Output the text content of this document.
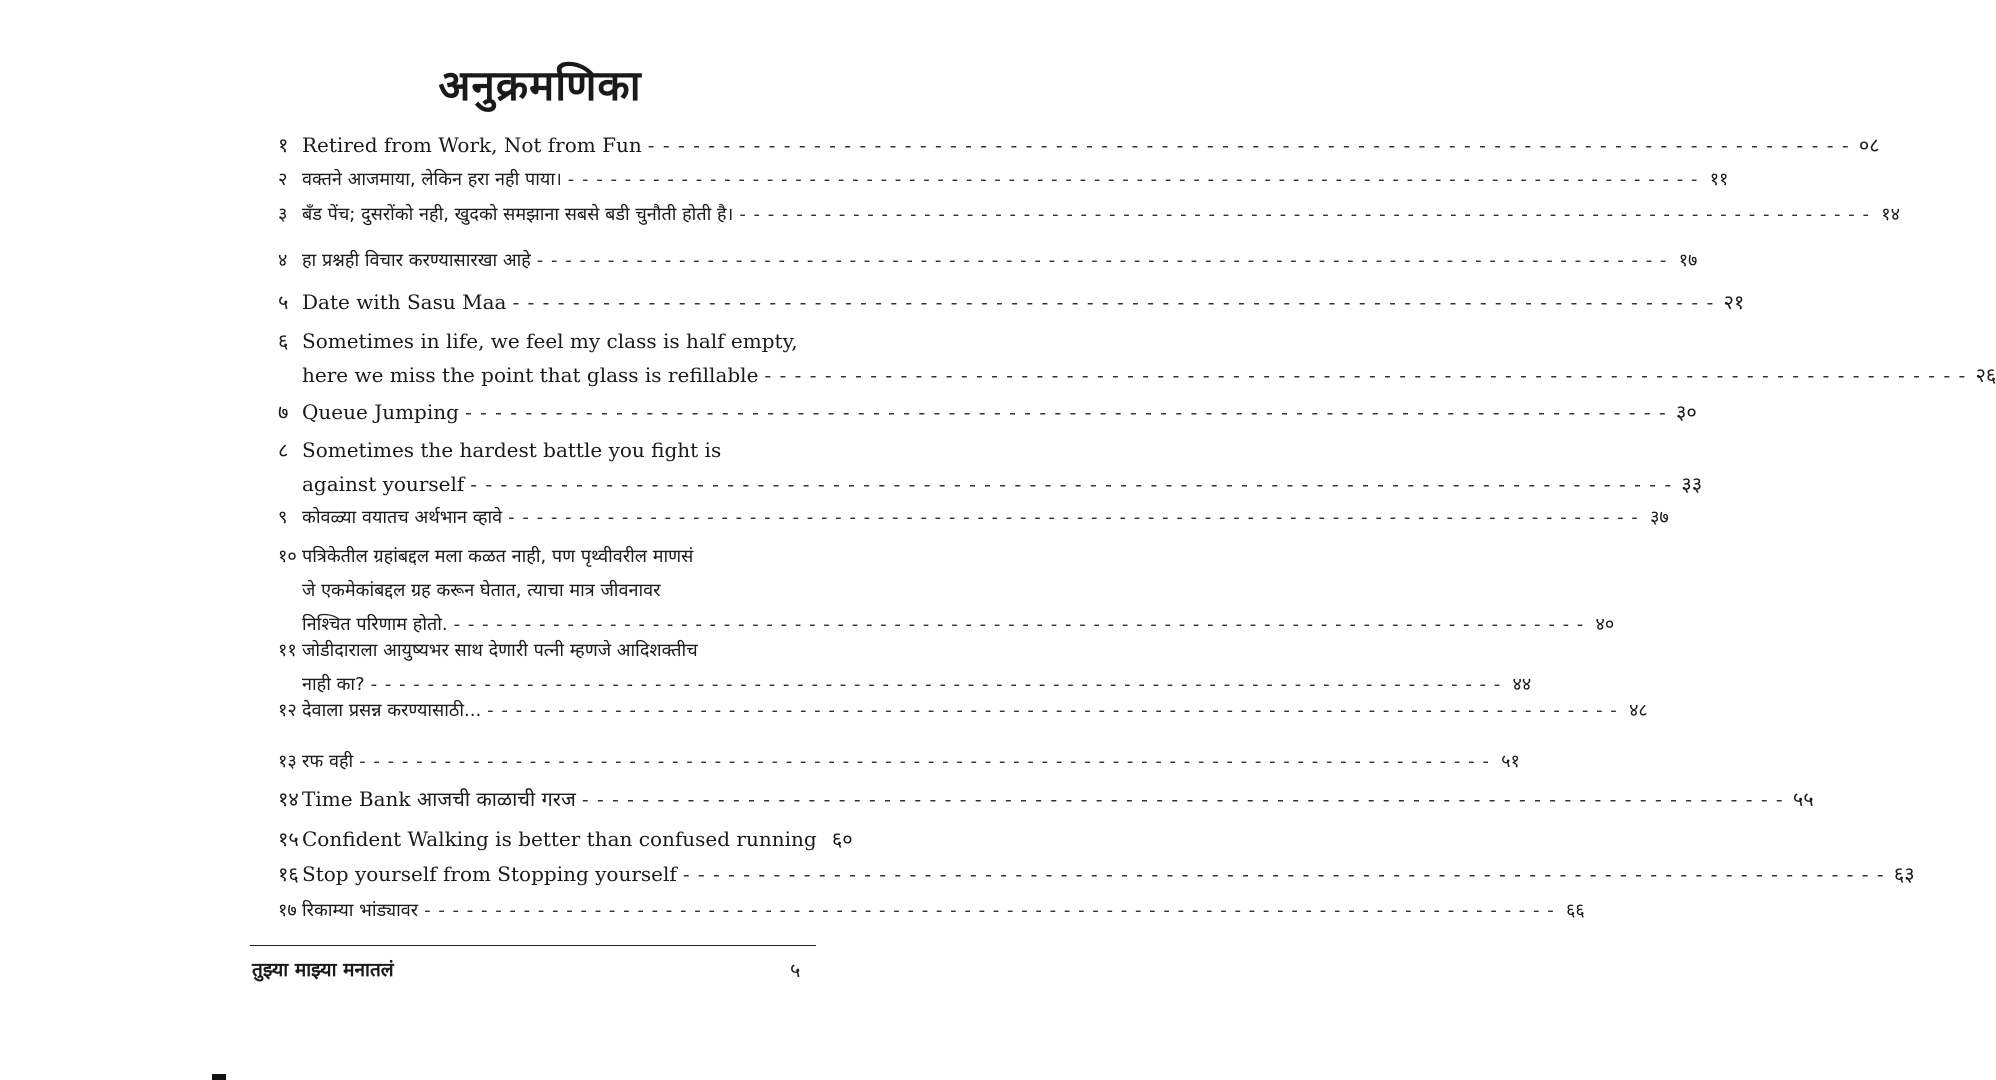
अनुक्रमणिका
१ Retired from Work, Not from Fun - - - - - - - - - - - - - - - - - - - - - - - - - - - - - - - - - - - - - - - - - - - - - - - - - - - - - - - - - - - - - - - - - - - - - - - - - - - - - - - - ०८
२ वक्तने आजमाया, लेकिन हरा नही पाया। - - - - - - - - - - - - - - - - - - - - - - - - - - - - - - - - - - - - - - - - - - - - - - - - - - - - - - - - - - - - - - - - - - - - - - - - - - - - - - - - ११
३ बँड पेंच; दुसरोंको नही, खुदको समझाना सबसे बडी चुनौती होती है। - - - - - - - - - - - - - - - - - - - - - - - - - - - - - - - - - - - - - - - - - - - - - - - - - - - - - - - - - - - - - - - - - - - - - - - - - - - - - - - - १४
४ हा प्रश्नही विचार करण्यासारखा आहे - - - - - - - - - - - - - - - - - - - - - - - - - - - - - - - - - - - - - - - - - - - - - - - - - - - - - - - - - - - - - - - - - - - - - - - - - - - - - - - - १७
५ Date with Sasu Maa - - - - - - - - - - - - - - - - - - - - - - - - - - - - - - - - - - - - - - - - - - - - - - - - - - - - - - - - - - - - - - - - - - - - - - - - - - - - - - - - २१
६ Sometimes in life, we feel my class is half empty,
here we miss the point that glass is refillable - - - - - - - - - - - - - - - - - - - - - - - - - - - - - - - - - - - - - - - - - - - - - - - - - - - - - - - - - - - - - - - - - - - - - - - - - - - - - - - - २६
७ Queue Jumping - - - - - - - - - - - - - - - - - - - - - - - - - - - - - - - - - - - - - - - - - - - - - - - - - - - - - - - - - - - - - - - - - - - - - - - - - - - - - - - - ३०
८ Sometimes the hardest battle you fight is
against yourself - - - - - - - - - - - - - - - - - - - - - - - - - - - - - - - - - - - - - - - - - - - - - - - - - - - - - - - - - - - - - - - - - - - - - - - - - - - - - - - - ३३
९ कोवळ्या वयातच अर्थभान व्हावे - - - - - - - - - - - - - - - - - - - - - - - - - - - - - - - - - - - - - - - - - - - - - - - - - - - - - - - - - - - - - - - - - - - - - - - - - - - - - - - - ३७
१० पत्रिकेतील ग्रहांबद्दल मला कळत नाही, पण पृथ्वीवरील माणसं
जे एकमेकांबद्दल ग्रह करून घेतात, त्याचा मात्र जीवनावर
निश्चित परिणाम होतो. - - - - - - - - - - - - - - - - - - - - - - - - - - - - - - - - - - - - - - - - - - - - - - - - - - - - - - - - - - - - - - - - - - - - - - - - - - - - - - - - ४०
११ जोडीदाराला आयुष्यभर साथ देणारी पत्नी म्हणजे आदिशक्तीच
नाही का? - - - - - - - - - - - - - - - - - - - - - - - - - - - - - - - - - - - - - - - - - - - - - - - - - - - - - - - - - - - - - - - - - - - - - - - - - - - - - - - - ४४
१२ देवाला प्रसन्न करण्यासाठी... - - - - - - - - - - - - - - - - - - - - - - - - - - - - - - - - - - - - - - - - - - - - - - - - - - - - - - - - - - - - - - - - - - - - - - - - - - - - - - - - ४८
१३ रफ वही - - - - - - - - - - - - - - - - - - - - - - - - - - - - - - - - - - - - - - - - - - - - - - - - - - - - - - - - - - - - - - - - - - - - - - - - - - - - - - - - ५१
१४ Time Bank आजची काळाची गरज - - - - - - - - - - - - - - - - - - - - - - - - - - - - - - - - - - - - - - - - - - - - - - - - - - - - - - - - - - - - - - - - - - - - - - - - - - - - - - - - ५५
१५ Confident Walking is better than confused running ६०
१६ Stop yourself from Stopping yourself - - - - - - - - - - - - - - - - - - - - - - - - - - - - - - - - - - - - - - - - - - - - - - - - - - - - - - - - - - - - - - - - - - - - - - - - - - - - - - - - ६३
१७ रिकाम्या भांड्यावर - - - - - - - - - - - - - - - - - - - - - - - - - - - - - - - - - - - - - - - - - - - - - - - - - - - - - - - - - - - - - - - - - - - - - - - - - - - - - - - - ६६
तुझ्या माझ्या मनातलं	५
